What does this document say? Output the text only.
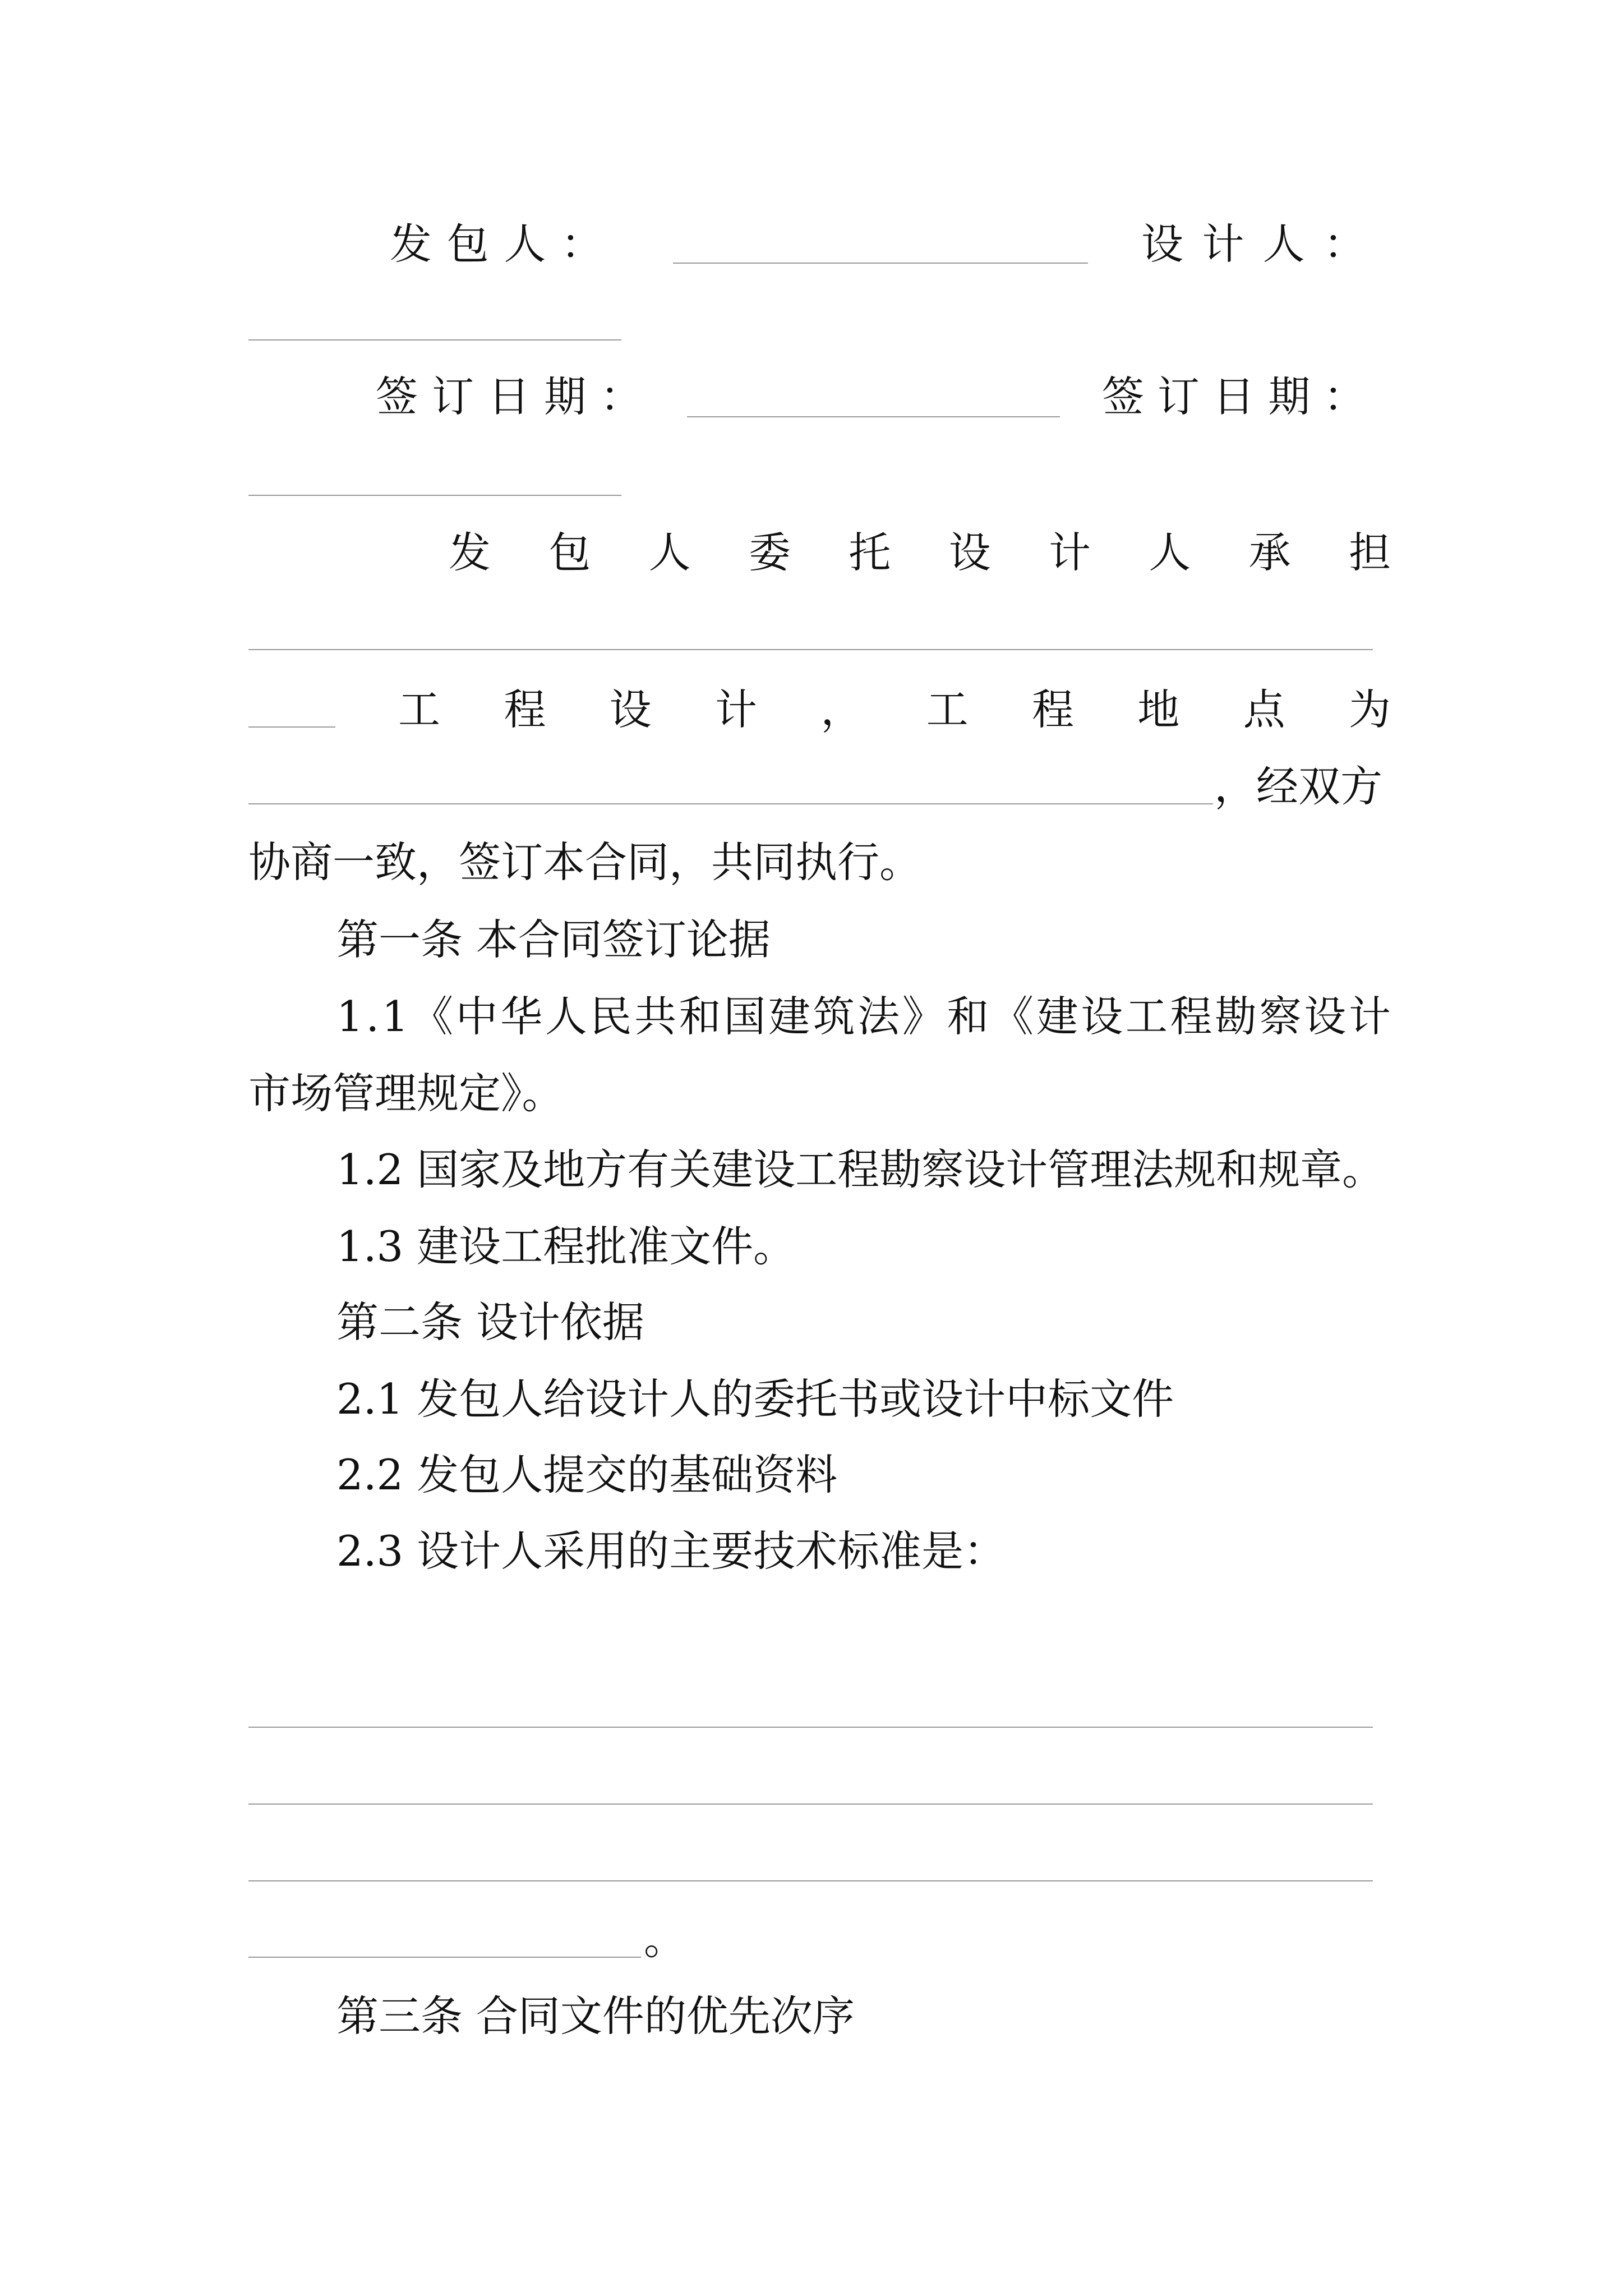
发 包 人 ：	设 计 人 ：
签 订 日 期 ：	签 订 日 期 ：
发 包 人 委 托 设 计 人 承 担
工 程 设 计 ， 工 程 地 点 为
，经双方
协商一致，签订本合同，共同执行。
第一条 本合同签订论据
1 . 1 《 中 华 人 民 共 和 国 建 筑 法 》 和 《 建 设 工 程 勘 察 设 计
市场管理规定》。
1.2 国家及地方有关建设工程勘察设计管理法规和规章。
1.3 建设工程批准文件。
第二条 设计依据
2.1 发包人给设计人的委托书或设计中标文件
2.2 发包人提交的基础资料
2.3 设计人采用的主要技术标准是：
。
第三条 合同文件的优先次序
